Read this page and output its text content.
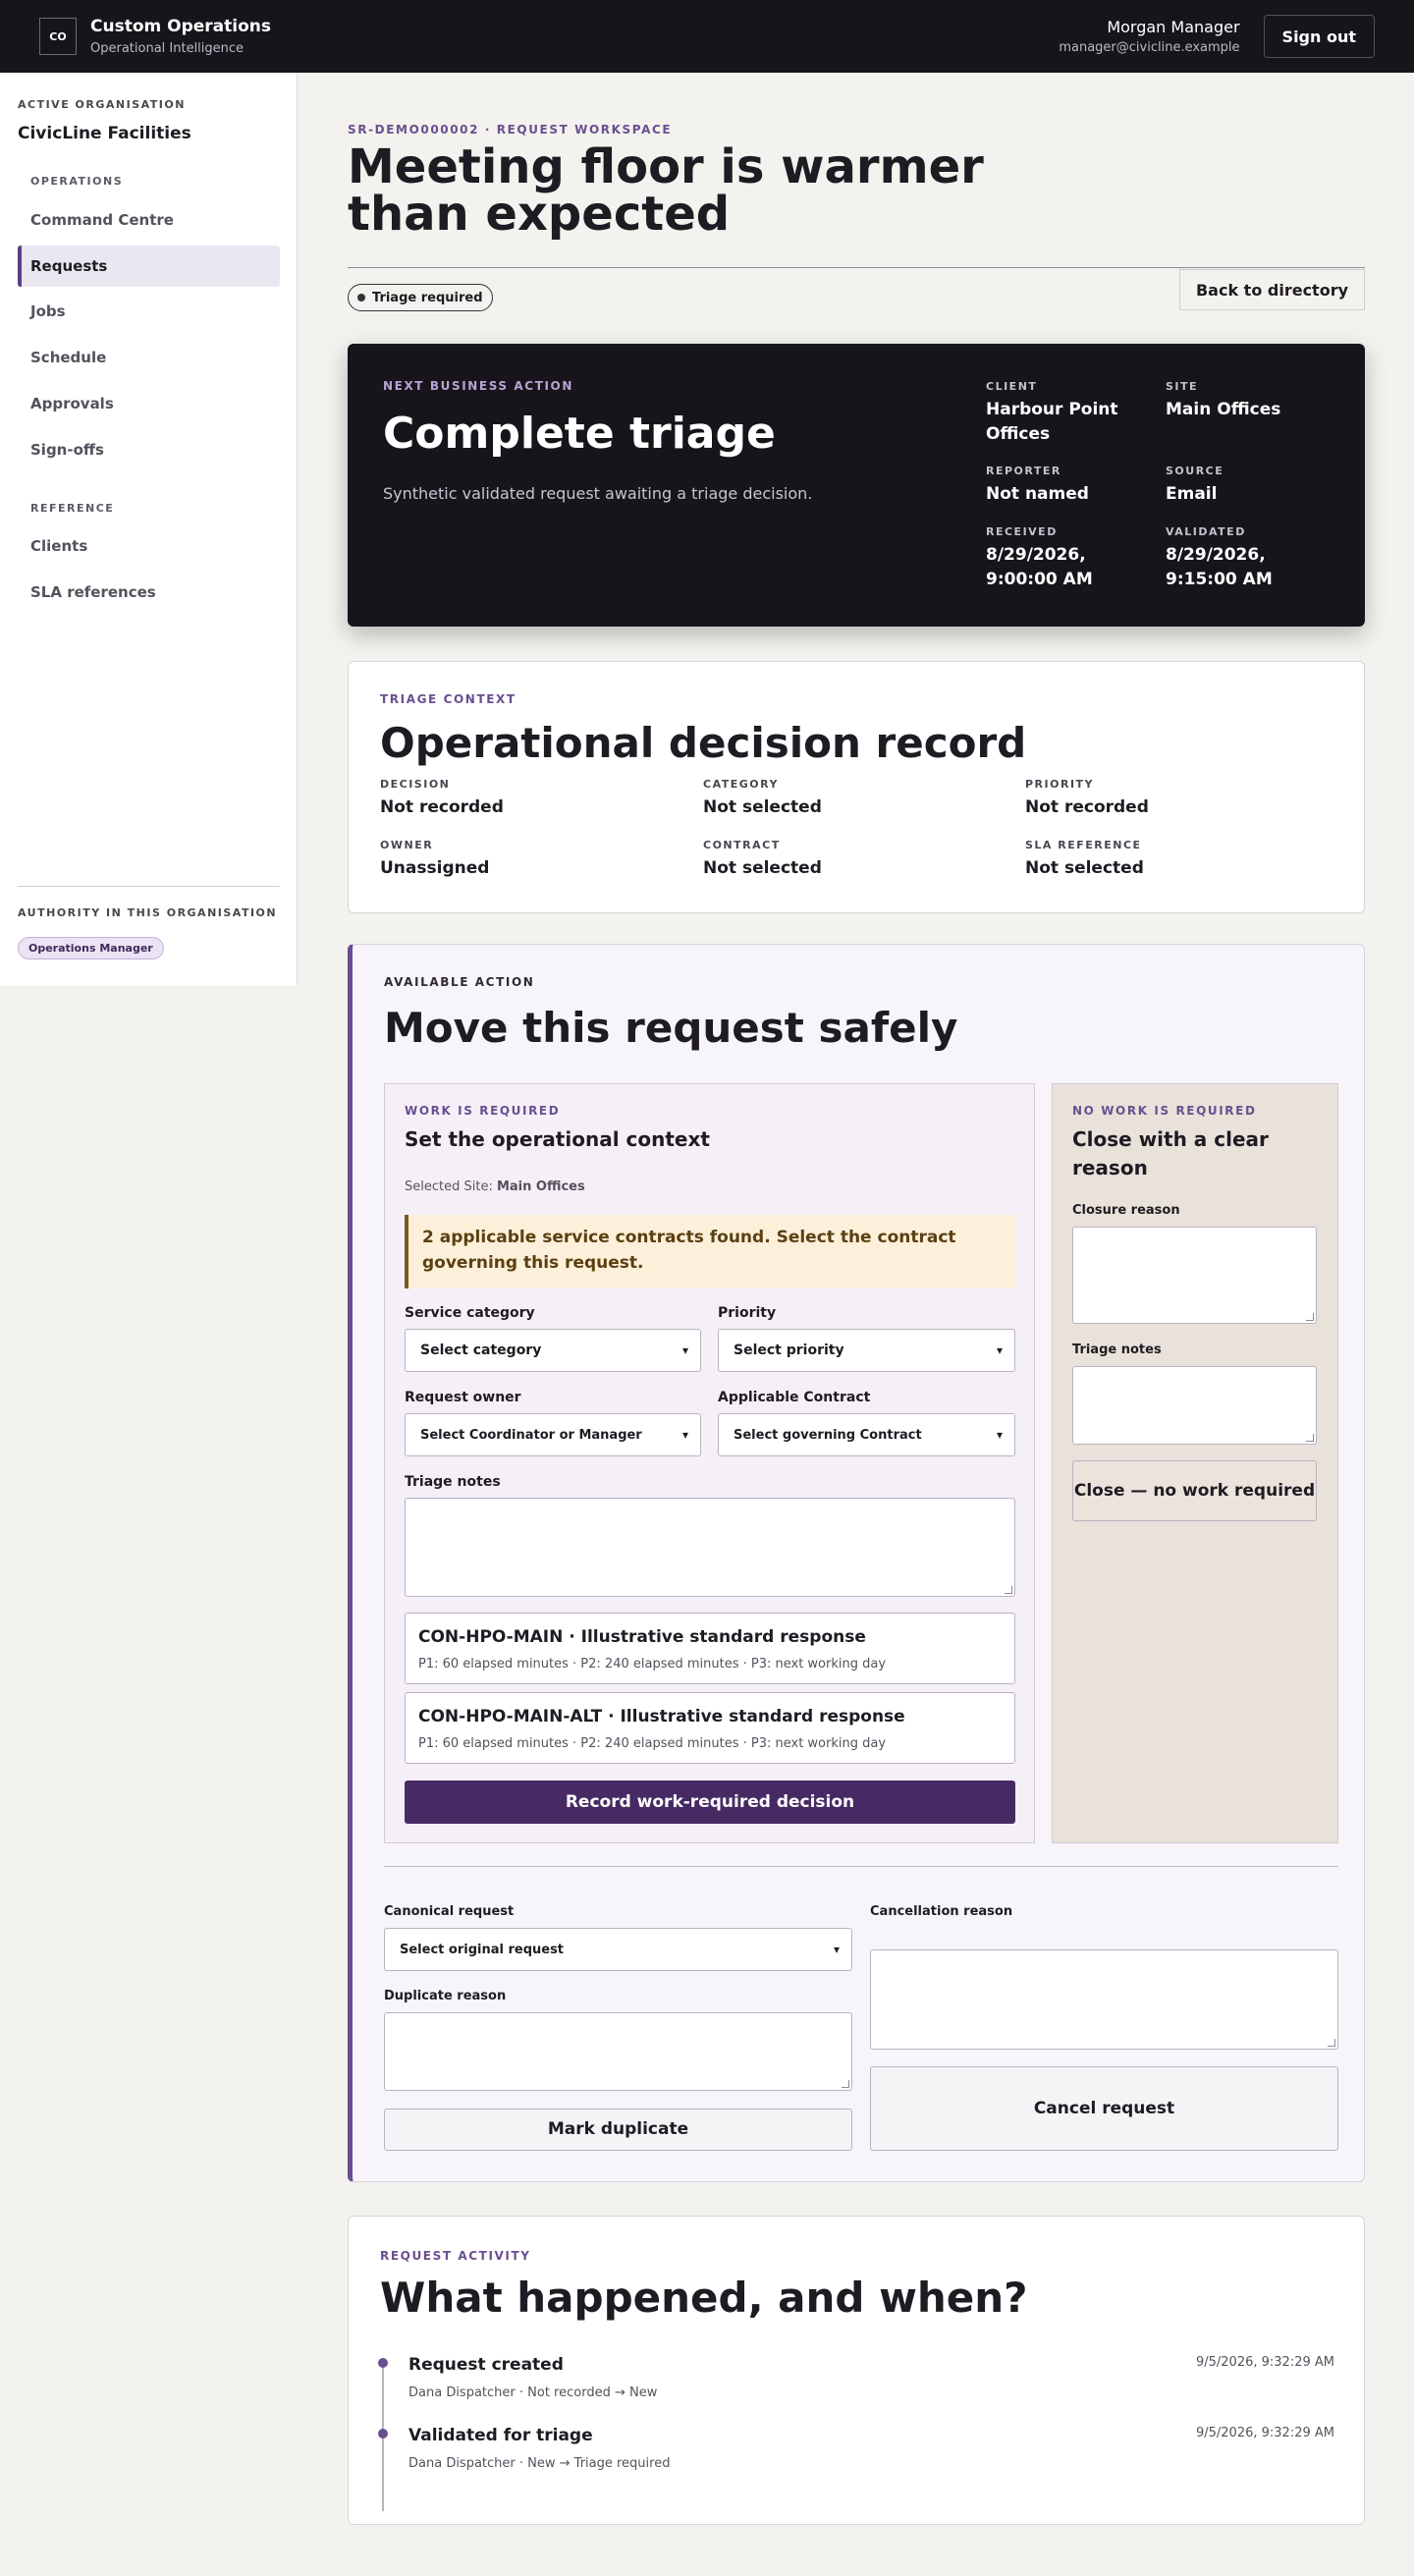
CO	Custom Operations
Operational Intelligence
Morgan Manager
manager@civicline.example
Sign out
ACTIVE ORGANISATION
CivicLine Facilities
OPERATIONS
Command Centre
Requests
Jobs
Schedule
Approvals
Sign-offs
REFERENCE
Clients
SLA references
AUTHORITY IN THIS ORGANISATION
Operations Manager
SR-DEMO000002 · REQUEST WORKSPACE
Meeting floor is warmer than expected
Triage required	Back to directory
NEXT BUSINESS ACTION
Complete triage
Synthetic validated request awaiting a triage decision.
CLIENT
Harbour Point Offices
SITE
Main Offices
REPORTER
Not named
SOURCE
Email
RECEIVED
8/29/2026, 9:00:00 AM
VALIDATED
8/29/2026, 9:15:00 AM
TRIAGE CONTEXT
Operational decision record
DECISION
Not recorded
CATEGORY
Not selected
PRIORITY
Not recorded
OWNER
Unassigned
CONTRACT
Not selected
SLA REFERENCE
Not selected
AVAILABLE ACTION
Move this request safely
WORK IS REQUIRED
Set the operational context
Selected Site: Main Offices
2 applicable service contracts found. Select the contract governing this request.
Service category
Select category	▾
Priority
Select priority	▾
Request owner
Select Coordinator or Manager	▾
Applicable Contract
Select governing Contract	▾
Triage notes
CON-HPO-MAIN · Illustrative standard response
P1: 60 elapsed minutes · P2: 240 elapsed minutes · P3: next working day
CON-HPO-MAIN-ALT · Illustrative standard response
P1: 60 elapsed minutes · P2: 240 elapsed minutes · P3: next working day
Record work-required decision
NO WORK IS REQUIRED
Close with a clear reason
Closure reason
Triage notes
Close — no work required
Canonical request
Select original request	▾
Duplicate reason
Mark duplicate
Cancellation reason
Cancel request
REQUEST ACTIVITY
What happened, and when?
Request created
Dana Dispatcher · Not recorded → New
9/5/2026, 9:32:29 AM
Validated for triage
Dana Dispatcher · New → Triage required
9/5/2026, 9:32:29 AM
